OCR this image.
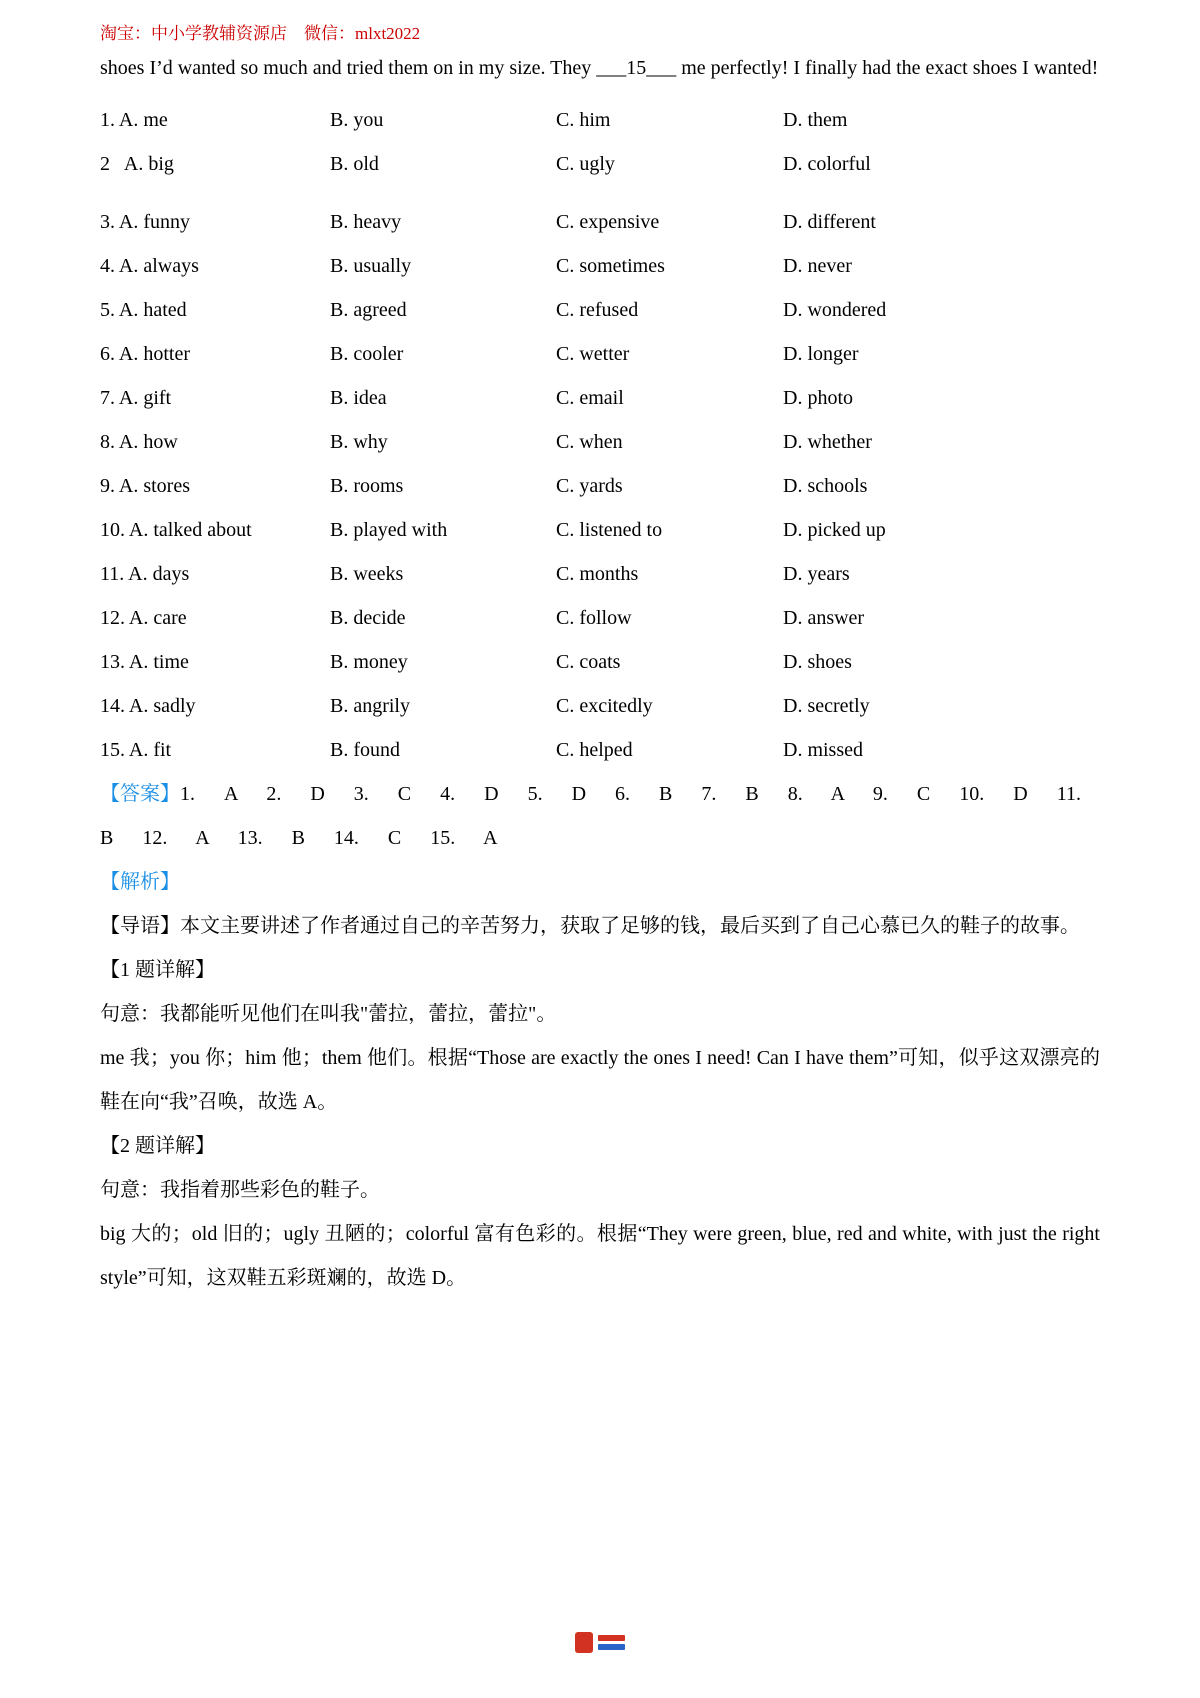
淘宝：中小学教辅资源店　微信：mlxt2022

shoes I’d wanted so much and tried them on in my size. They ___15___ me perfectly! I finally had the exact shoes I wanted!

1. A. me	B. you	C. him	D. them
2   A. big	B. old	C. ugly	D. colorful
3. A. funny	B. heavy	C. expensive	D. different
4. A. always	B. usually	C. sometimes	D. never
5. A. hated	B. agreed	C. refused	D. wondered
6. A. hotter	B. cooler	C. wetter	D. longer
7. A. gift	B. idea	C. email	D. photo
8. A. how	B. why	C. when	D. whether
9. A. stores	B. rooms	C. yards	D. schools
10. A. talked about	B. played with	C. listened to	D. picked up
11. A. days	B. weeks	C. months	D. years
12. A. care	B. decide	C. follow	D. answer
13. A. time	B. money	C. coats	D. shoes
14. A. sadly	B. angrily	C. excitedly	D. secretly
15. A. fit	B. found	C. helped	D. missed

【答案】1. A 2. D 3. C 4. D 5. D 6. B 7. B 8. A 9. C 10. D 11. B 12. A 13. B 14. C 15. A

【解析】

【导语】本文主要讲述了作者通过自己的辛苦努力，获取了足够的钱，最后买到了自己心慕已久的鞋子的故事。

【1 题详解】

句意：我都能听见他们在叫我"蕾拉，蕾拉，蕾拉"。

me 我；you 你；him 他；them 他们。根据“Those are exactly the ones I need! Can I have them”可知，似乎这双漂亮的鞋在向“我”召唤，故选 A。

【2 题详解】

句意：我指着那些彩色的鞋子。

big 大的；old 旧的；ugly 丑陋的；colorful 富有色彩的。根据“They were green, blue, red and white, with just the right style”可知，这双鞋五彩斑斓的，故选 D。
